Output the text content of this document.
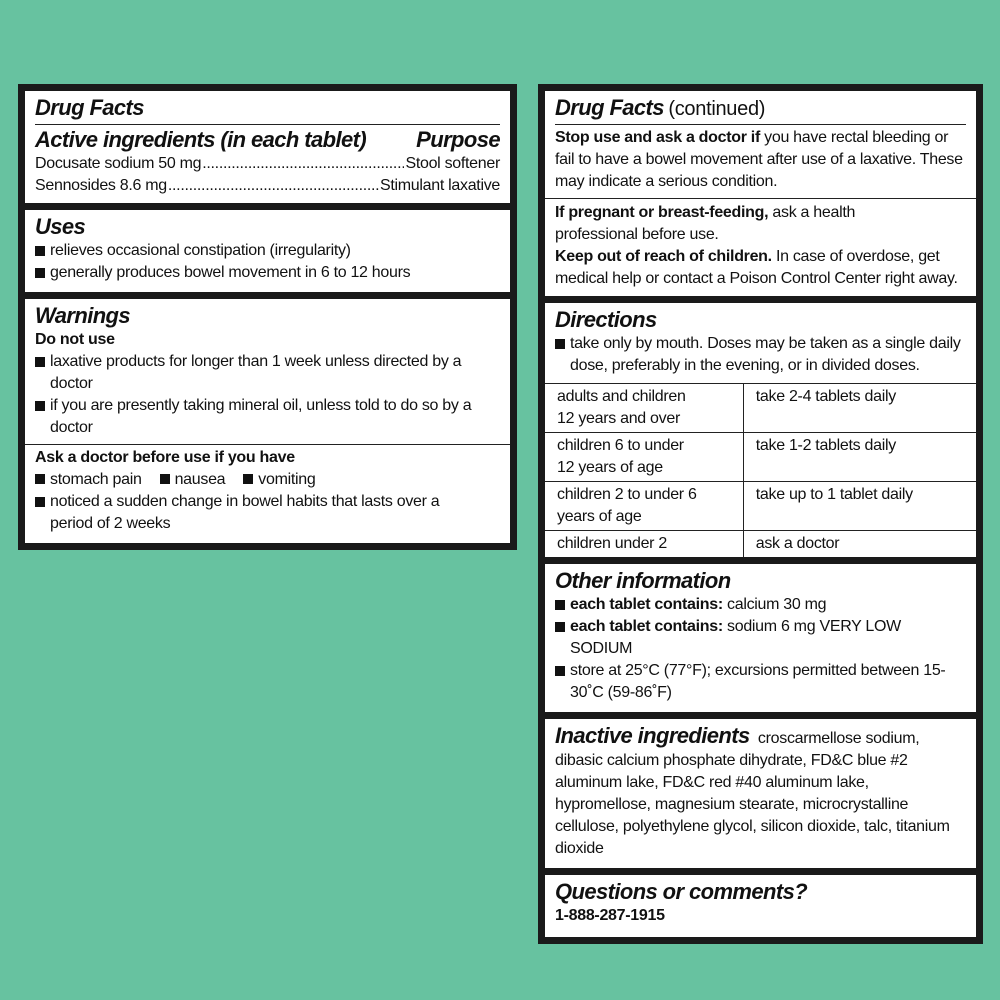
Drug Facts
Active ingredients (in each tablet) Purpose
Docusate sodium 50 mg .....	Stool softener
Sennosides 8.6 mg .....	Stimulant laxative
Uses
relieves occasional constipation (irregularity)
generally produces bowel movement in 6 to 12 hours
Warnings
Do not use
laxative products for longer than 1 week unless directed by a doctor
if you are presently taking mineral oil, unless told to do so by a doctor
Ask a doctor before use if you have
stomach pain nausea vomiting
noticed a sudden change in bowel habits that lasts over a period of 2 weeks
Drug Facts (continued)
Stop use and ask a doctor if you have rectal bleeding or fail to have a bowel movement after use of a laxative. These may indicate a serious condition.
If pregnant or breast-feeding, ask a health professional before use.
Keep out of reach of children. In case of overdose, get medical help or contact a Poison Control Center right away.
Directions
take only by mouth. Doses may be taken as a single daily dose, preferably in the evening, or in divided doses.
adults and children 12 years and over	take 2-4 tablets daily
children 6 to under 12 years of age	take 1-2 tablets daily
children 2 to under 6 years of age	take up to 1 tablet daily
children under 2	ask a doctor
Other information
each tablet contains: calcium 30 mg
each tablet contains: sodium 6 mg VERY LOW SODIUM
store at 25°C (77°F); excursions permitted between 15-30˚C (59-86˚F)
Inactive ingredients croscarmellose sodium, dibasic calcium phosphate dihydrate, FD&C blue #2 aluminum lake, FD&C red #40 aluminum lake, hypromellose, magnesium stearate, microcrystalline cellulose, polyethylene glycol, silicon dioxide, talc, titanium dioxide
Questions or comments?
1-888-287-1915
